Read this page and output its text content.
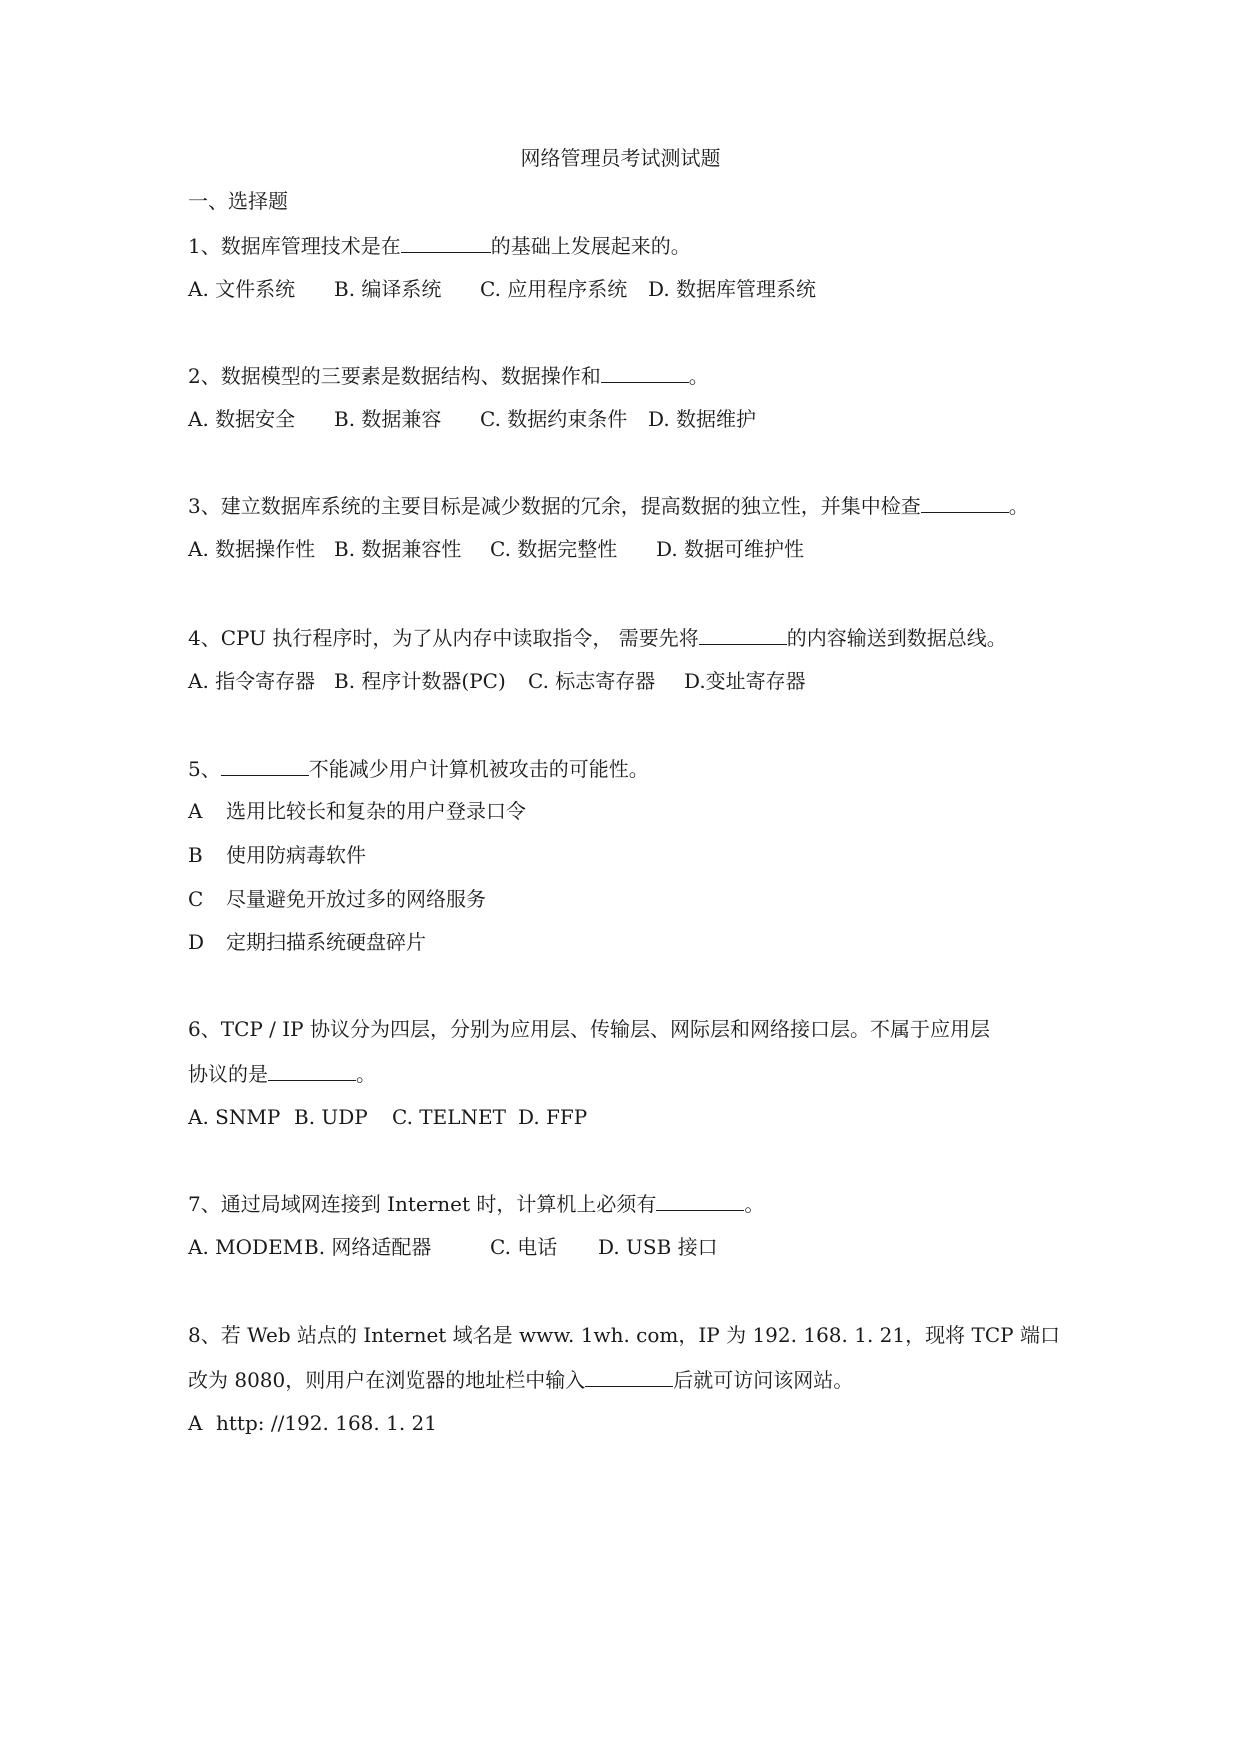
网络管理员考试测试题
一、选择题
1、数据库管理技术是在	的基础上发展起来的。
A. 文件系统 B. 编译系统 C. 应用程序系统 D. 数据库管理系统
2、数据模型的三要素是数据结构、数据操作和	。
A. 数据安全 B. 数据兼容 C. 数据约束条件 D. 数据维护
3、建立数据库系统的主要目标是减少数据的冗余，提高数据的独立性，并集中检查	。
A. 数据操作性 B. 数据兼容性 C. 数据完整性 D. 数据可维护性
4、CPU 执行程序时，为了从内存中读取指令， 需要先将	的内容输送到数据总线。
A. 指令寄存器 B. 程序计数器(PC) C. 标志寄存器 D.变址寄存器
5、	不能减少用户计算机被攻击的可能性。
A 选用比较长和复杂的用户登录口令
B 使用防病毒软件
C 尽量避免开放过多的网络服务
D 定期扫描系统硬盘碎片
6、TCP / IP 协议分为四层，分别为应用层、传输层、网际层和网络接口层。不属于应用层
协议的是	。
A. SNMP B. UDP C. TELNET D. FFP
7、通过局域网连接到 Internet 时，计算机上必须有	。
A. MODEM B. 网络适配器	C. 电话 D. USB 接口
8、若 Web 站点的 Internet 域名是 www. 1wh. com，IP 为 192. 168. 1. 21，现将 TCP 端口
改为 8080，则用户在浏览器的地址栏中输入	后就可访问该网站。
A http: //192. 168. 1. 21
